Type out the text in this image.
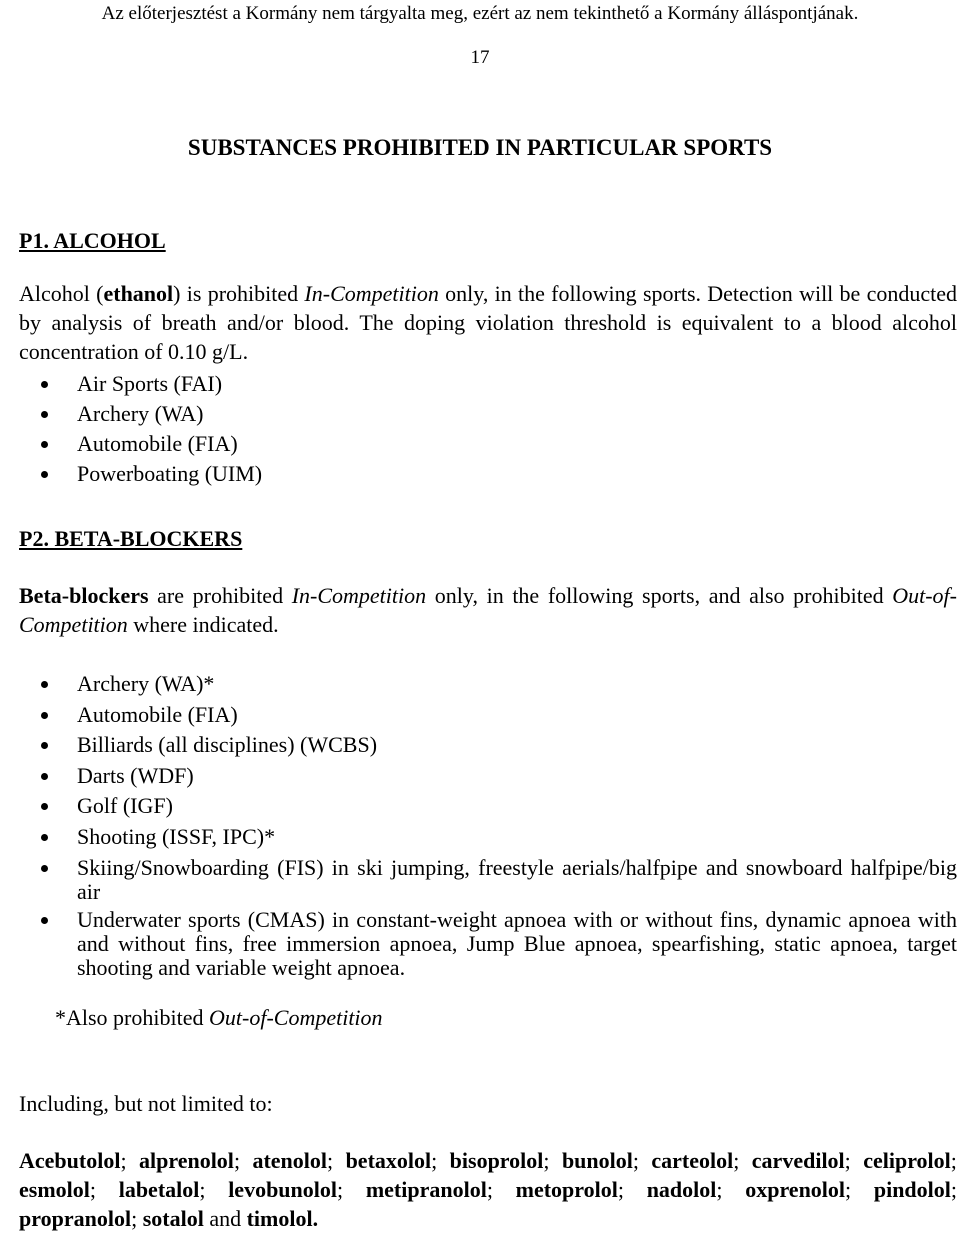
Az előterjesztést a Kormány nem tárgyalta meg, ezért az nem tekinthető a Kormány álláspontjának.
17
SUBSTANCES PROHIBITED IN PARTICULAR SPORTS
P1. ALCOHOL
Alcohol (ethanol) is prohibited In-Competition only, in the following sports. Detection will be conducted by analysis of breath and/or blood. The doping violation threshold is equivalent to a blood alcohol concentration of 0.10 g/L.
Air Sports (FAI)
Archery (WA)
Automobile (FIA)
Powerboating (UIM)
P2. BETA-BLOCKERS
Beta-blockers are prohibited In-Competition only, in the following sports, and also prohibited Out-of-Competition where indicated.
Archery (WA)*
Automobile (FIA)
Billiards (all disciplines) (WCBS)
Darts (WDF)
Golf (IGF)
Shooting (ISSF, IPC)*
Skiing/Snowboarding (FIS) in ski jumping, freestyle aerials/halfpipe and snowboard halfpipe/big air
Underwater sports (CMAS) in constant-weight apnoea with or without fins, dynamic apnoea with and without fins, free immersion apnoea, Jump Blue apnoea, spearfishing, static apnoea, target shooting and variable weight apnoea.
*Also prohibited Out-of-Competition
Including, but not limited to:
Acebutolol; alprenolol; atenolol; betaxolol; bisoprolol; bunolol; carteolol; carvedilol; celiprolol; esmolol; labetalol; levobunolol; metipranolol; metoprolol; nadolol; oxprenolol; pindolol; propranolol; sotalol and timolol.
